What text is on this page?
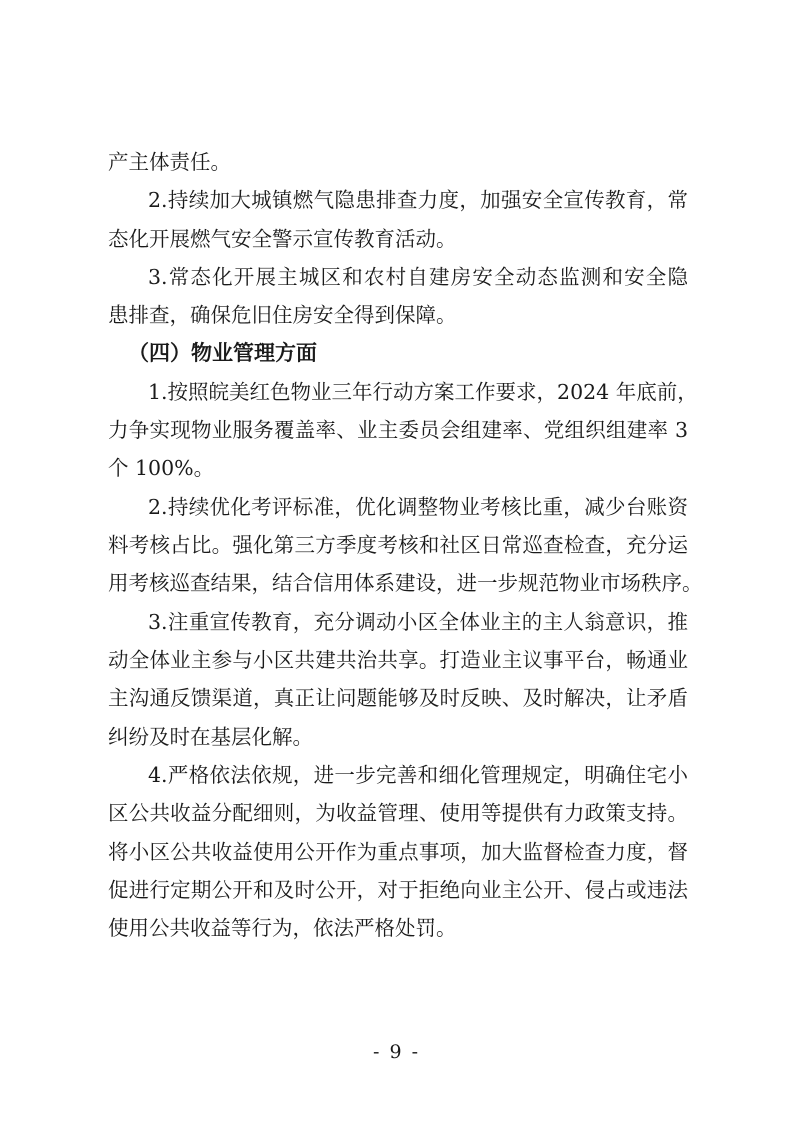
产主体责任。
2.持续加大城镇燃气隐患排查力度，加强安全宣传教育，常
态化开展燃气安全警示宣传教育活动。
3.常态化开展主城区和农村自建房安全动态监测和安全隐
患排查，确保危旧住房安全得到保障。
（四）物业管理方面
1.按照皖美红色物业三年行动方案工作要求，2024 年底前，
力争实现物业服务覆盖率、业主委员会组建率、党组织组建率 3
个 100%。
2.持续优化考评标准，优化调整物业考核比重，减少台账资
料考核占比。强化第三方季度考核和社区日常巡查检查，充分运
用考核巡查结果，结合信用体系建设，进一步规范物业市场秩序。
3.注重宣传教育，充分调动小区全体业主的主人翁意识，推
动全体业主参与小区共建共治共享。打造业主议事平台，畅通业
主沟通反馈渠道，真正让问题能够及时反映、及时解决，让矛盾
纠纷及时在基层化解。
4.严格依法依规，进一步完善和细化管理规定，明确住宅小
区公共收益分配细则，为收益管理、使用等提供有力政策支持。
将小区公共收益使用公开作为重点事项，加大监督检查力度，督
促进行定期公开和及时公开，对于拒绝向业主公开、侵占或违法
使用公共收益等行为，依法严格处罚。
- 9 -
